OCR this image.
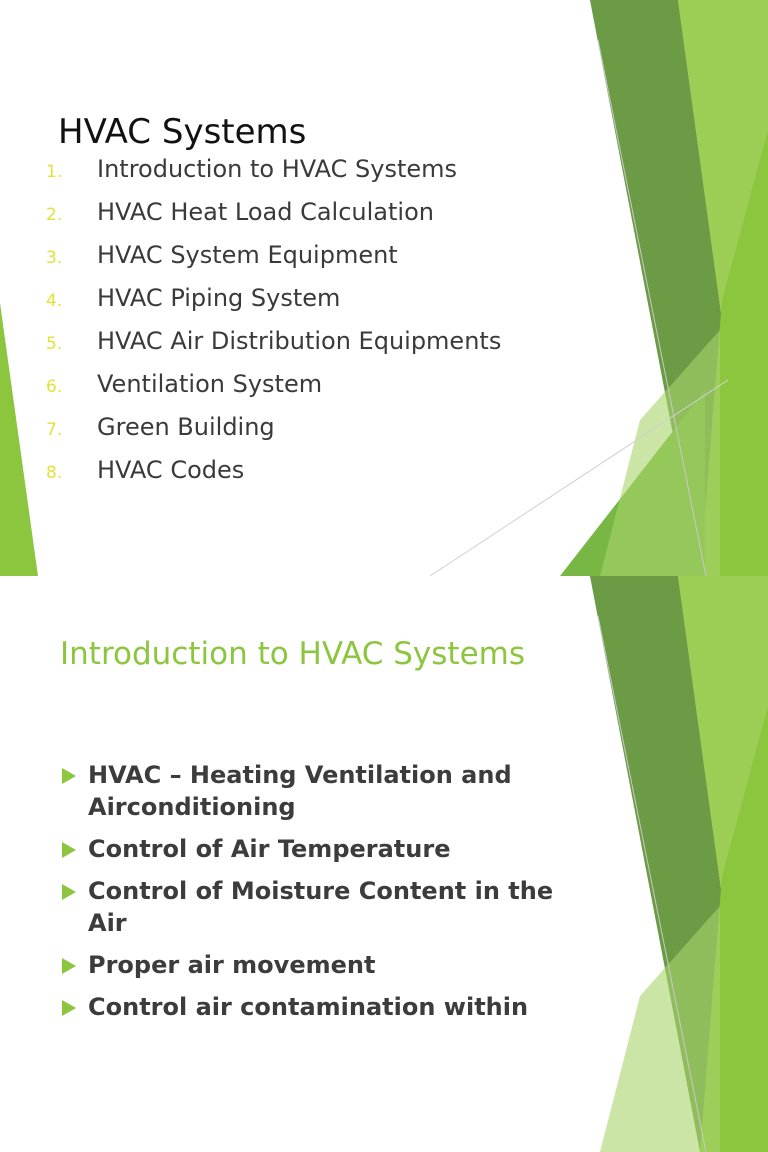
HVAC Systems
1. Introduction to HVAC Systems
2. HVAC Heat Load Calculation
3. HVAC System Equipment
4. HVAC Piping System
5. HVAC Air Distribution Equipments
6. Ventilation System
7. Green Building
8. HVAC Codes
Introduction to HVAC Systems
HVAC – Heating Ventilation and Airconditioning
Control of Air Temperature
Control of Moisture Content in the Air
Proper air movement
Control air contamination within
